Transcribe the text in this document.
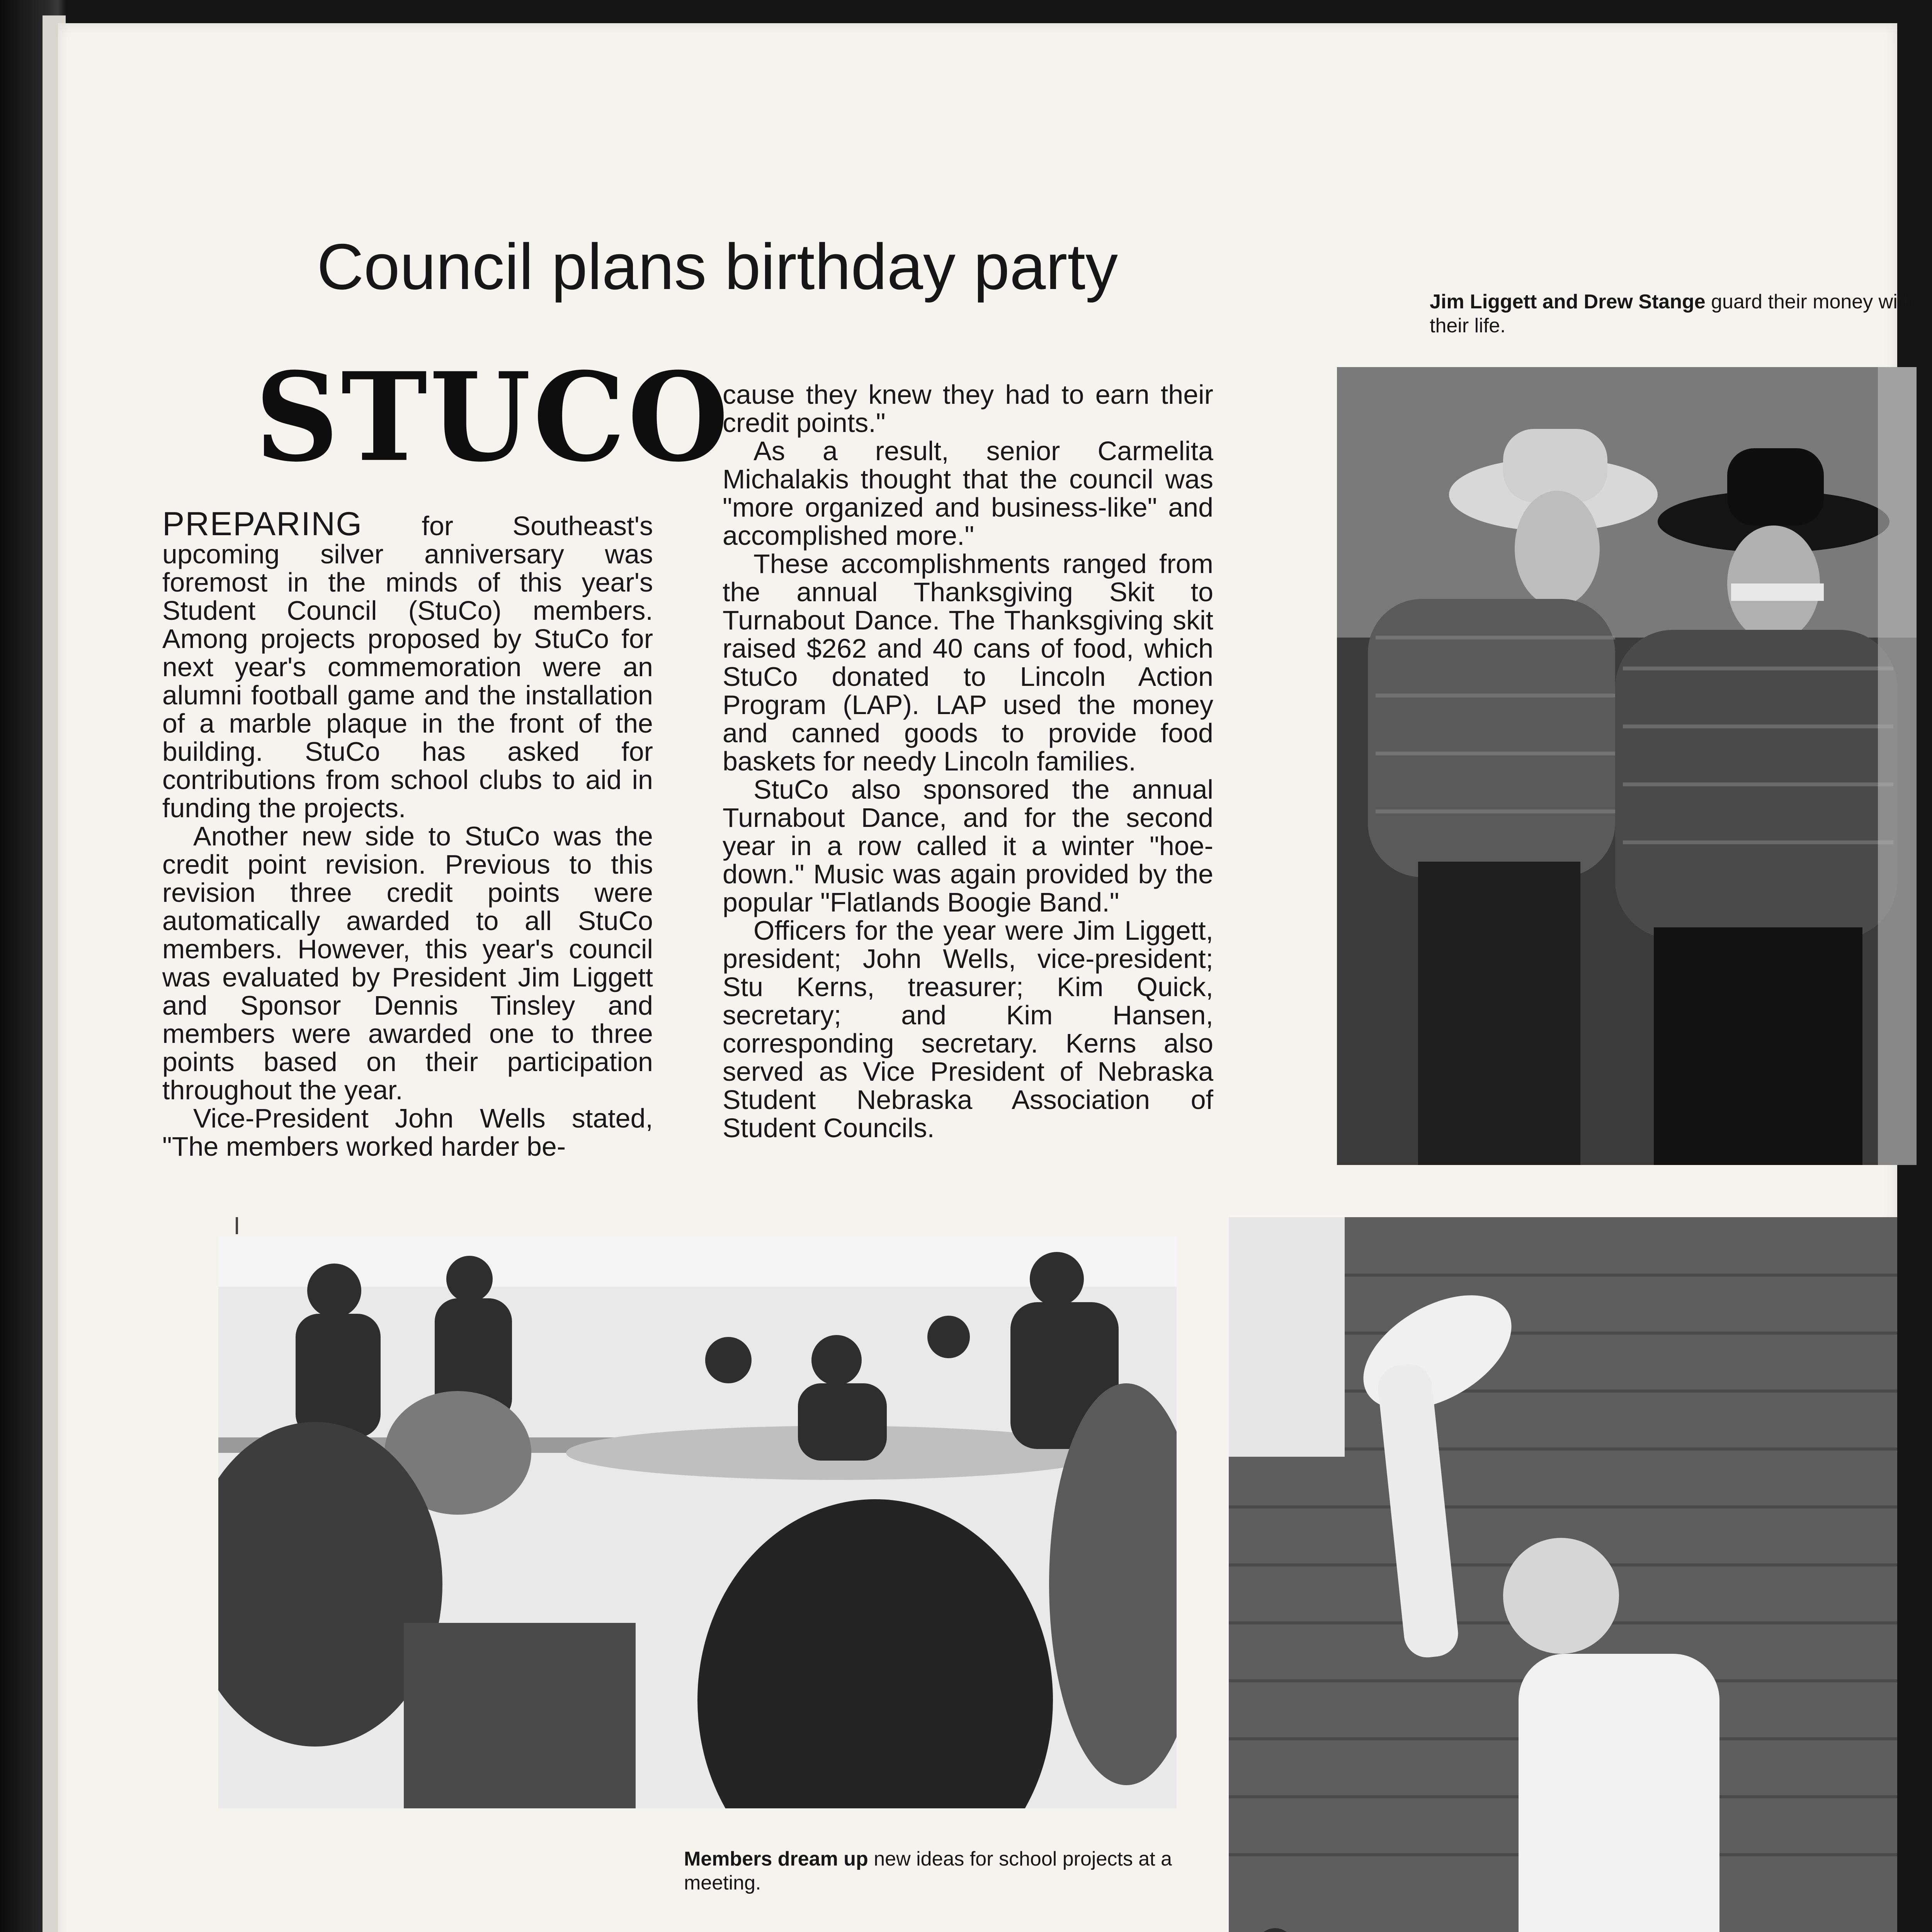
Council plans birthday party
STUCO

PREPARING for Southeast's upcoming silver anniversary was foremost in the minds of this year's Student Council (StuCo) members. Among projects proposed by StuCo for next year's commemoration were an alumni football game and the installation of a marble plaque in the front of the building. StuCo has asked for contributions from school clubs to aid in funding the projects.

Another new side to StuCo was the credit point revision. Previous to this revision three credit points were automatically awarded to all StuCo members. However, this year's council was evaluated by President Jim Liggett and Sponsor Dennis Tinsley and members were awarded one to three points based on their participation throughout the year.

Vice-President John Wells stated, "The members worked harder be-

cause they knew they had to earn their credit points."

As a result, senior Carmelita Michalakis thought that the council was "more organized and business-like" and accomplished more."

These accomplishments ranged from the annual Thanksgiving Skit to Turnabout Dance. The Thanksgiving skit raised $262 and 40 cans of food, which StuCo donated to Lincoln Action Program (LAP). LAP used the money and canned goods to provide food baskets for needy Lincoln families.

StuCo also sponsored the annual Turnabout Dance, and for the second year in a row called it a winter "hoe-down." Music was again provided by the popular "Flatlands Boogie Band."

Officers for the year were Jim Liggett, president; John Wells, vice-president; Stu Kerns, treasurer; Kim Quick, secretary; and Kim Hansen, corresponding secretary. Kerns also served as Vice President of Nebraska Student Nebraska Association of Student Councils.

Jim Liggett and Drew Stange guard their money with their life.

Members dream up new ideas for school projects at a meeting.
